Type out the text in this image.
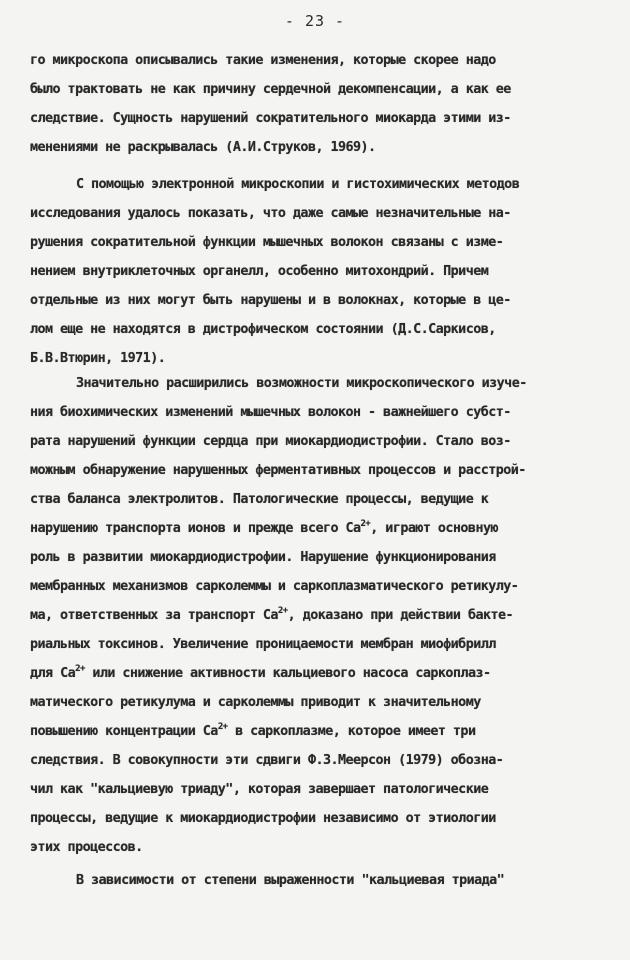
- 23 -
го микроскопа описывались такие изменения, которые скорее надо
было трактовать не как причину сердечной декомпенсации, а как ее
следствие. Сущность нарушений сократительного миокарда этими из-
менениями не раскрывалась (А.И.Струков, 1969).
С помощью электронной микроскопии и гистохимических методов
исследования удалось показать, что даже самые незначительные на-
рушения сократительной функции мышечных волокон связаны с изме-
нением внутриклеточных органелл, особенно митохондрий. Причем
отдельные из них могут быть нарушены и в волокнах, которые в це-
лом еще не находятся в дистрофическом состоянии (Д.С.Саркисов,
Б.В.Втюрин, 1971).
Значительно расширились возможности микроскопического изуче-
ния биохимических изменений мышечных волокон - важнейшего субст-
рата нарушений функции сердца при миокардиодистрофии. Стало воз-
можным обнаружение нарушенных ферментативных процессов и расстрой-
ства баланса электролитов. Патологические процессы, ведущие к
нарушению транспорта ионов и прежде всего $Ca^{2+}$, играют основную
роль в развитии миокардиодистрофии. Нарушение функционирования
мембранных механизмов сарколеммы и саркоплазматического ретикулу-
ма, ответственных за транспорт $Ca^{2+}$, доказано при действии бакте-
риальных токсинов. Увеличение проницаемости мембран миофибрилл
для $Ca^{2+}$ или снижение активности кальциевого насоса саркоплаз-
матического ретикулума и сарколеммы приводит к значительному
повышению концентрации $Ca^{2+}$ в саркоплазме, которое имеет три
следствия. В совокупности эти сдвиги Ф.З.Меерсон (1979) обозна-
чил как "кальциевую триаду", которая завершает патологические
процессы, ведущие к миокардиодистрофии независимо от этиологии
этих процессов.
В зависимости от степени выраженности "кальциевая триада"
